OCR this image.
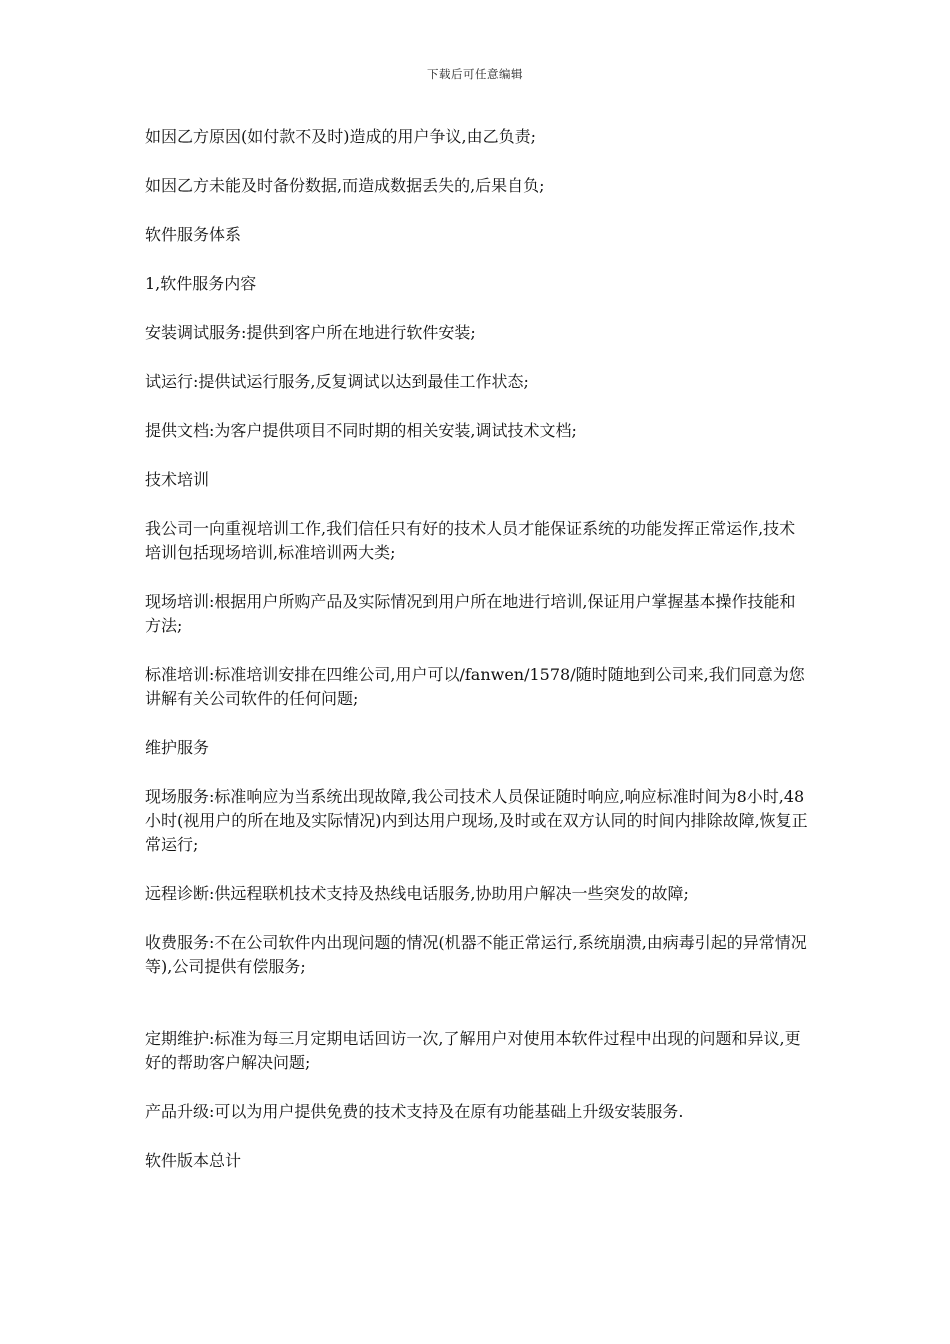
下载后可任意编辑

如因乙方原因(如付款不及时)造成的用户争议,由乙负责;

如因乙方未能及时备份数据,而造成数据丢失的,后果自负;

软件服务体系

1,软件服务内容

安装调试服务:提供到客户所在地进行软件安装;

试运行:提供试运行服务,反复调试以达到最佳工作状态;

提供文档:为客户提供项目不同时期的相关安装,调试技术文档;

技术培训

我公司一向重视培训工作,我们信任只有好的技术人员才能保证系统的功能发挥正常运作,技术培训包括现场培训,标准培训两大类;

现场培训:根据用户所购产品及实际情况到用户所在地进行培训,保证用户掌握基本操作技能和方法;

标准培训:标准培训安排在四维公司,用户可以/fanwen/1578/随时随地到公司来,我们同意为您讲解有关公司软件的任何问题;

维护服务

现场服务:标准响应为当系统出现故障,我公司技术人员保证随时响应,响应标准时间为8小时,48小时(视用户的所在地及实际情况)内到达用户现场,及时或在双方认同的时间内排除故障,恢复正常运行;

远程诊断:供远程联机技术支持及热线电话服务,协助用户解决一些突发的故障;

收费服务:不在公司软件内出现问题的情况(机器不能正常运行,系统崩溃,由病毒引起的异常情况等),公司提供有偿服务;

定期维护:标准为每三月定期电话回访一次,了解用户对使用本软件过程中出现的问题和异议,更好的帮助客户解决问题;

产品升级:可以为用户提供免费的技术支持及在原有功能基础上升级安装服务.

软件版本总计
